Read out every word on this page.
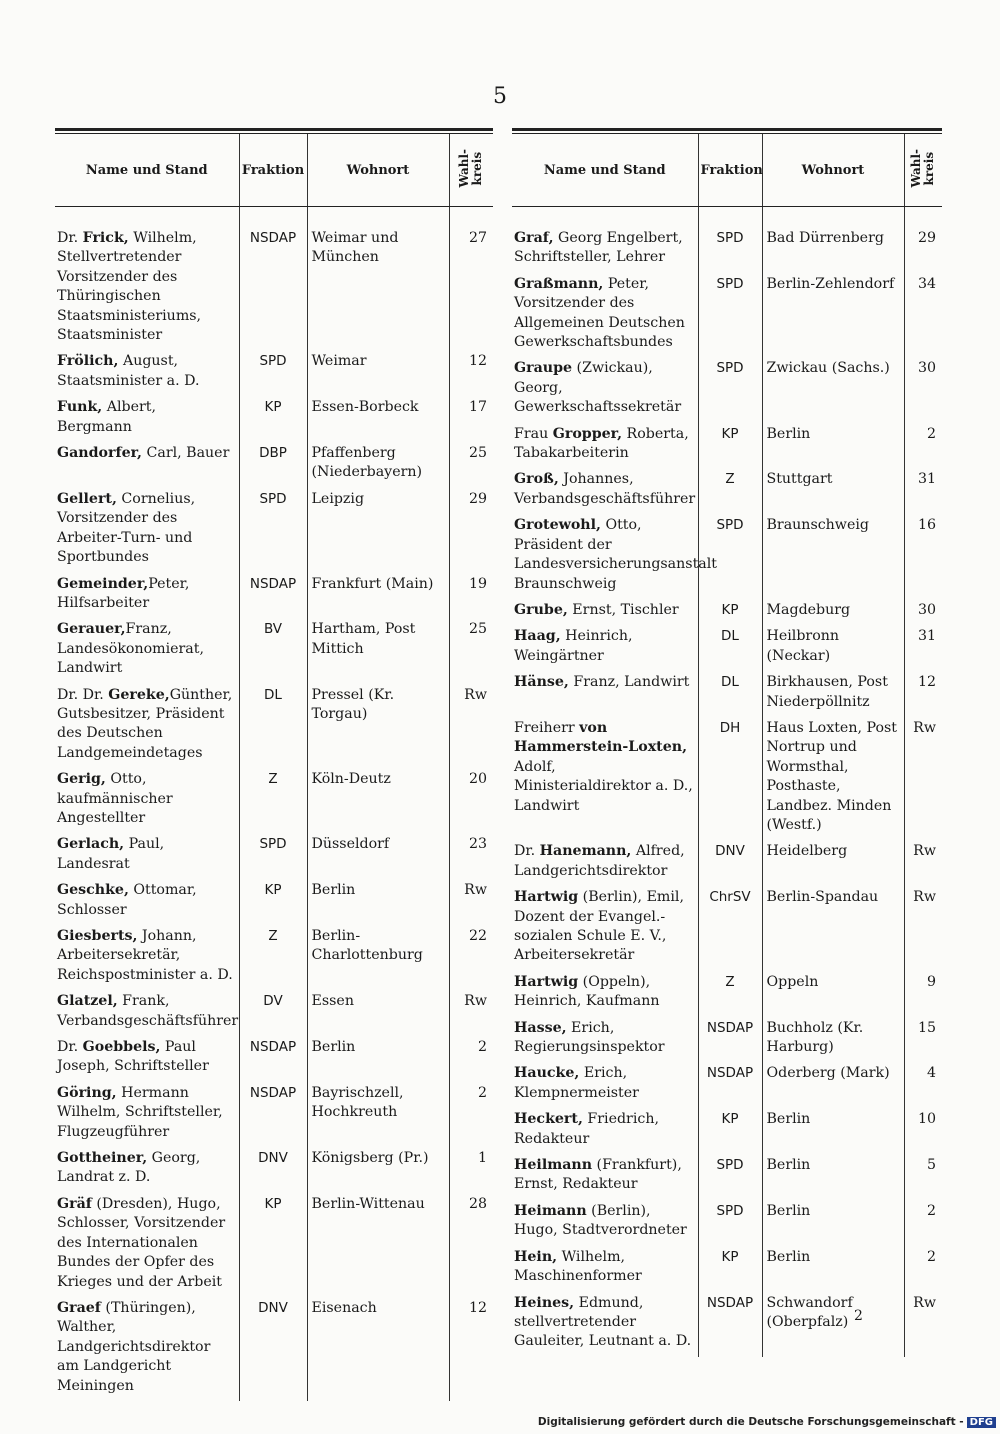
5
Name und Stand	Fraktion	Wohnort	Wahl-
kreis
Dr. Frick, Wilhelm, Stellvertretender Vorsitzender des Thüringischen Staatsministeriums, Staatsminister	NSDAP	Weimar und München	27
Frölich, August, Staatsminister a. D.	SPD	Weimar	12
Funk, Albert, Bergmann	KP	Essen-Borbeck	17
Gandorfer, Carl, Bauer	DBP	Pfaffenberg (Niederbayern)	25
Gellert, Cornelius, Vorsitzender des Arbeiter-Turn- und Sportbundes	SPD	Leipzig	29
Gemeinder,Peter, Hilfsarbeiter	NSDAP	Frankfurt (Main)	19
Gerauer,Franz, Landesökonomierat, Landwirt	BV	Hartham, Post Mittich	25
Dr. Dr. Gereke,Günther, Gutsbesitzer, Präsident des Deutschen Landgemeindetages	DL	Pressel (Kr. Torgau)	Rw
Gerig, Otto, kaufmännischer Angestellter	Z	Köln-Deutz	20
Gerlach, Paul, Landesrat	SPD	Düsseldorf	23
Geschke, Ottomar, Schlosser	KP	Berlin	Rw
Giesberts, Johann, Arbeitersekretär, Reichspostminister a. D.	Z	Berlin-Charlottenburg	22
Glatzel, Frank, Verbandsgeschäftsführer	DV	Essen	Rw
Dr. Goebbels, Paul Joseph, Schriftsteller	NSDAP	Berlin	2
Göring, Hermann Wilhelm, Schriftsteller, Flugzeugführer	NSDAP	Bayrischzell, Hochkreuth	2
Gottheiner, Georg, Landrat z. D.	DNV	Königsberg (Pr.)	1
Gräf (Dresden), Hugo, Schlosser, Vorsitzender des Internationalen Bundes der Opfer des Krieges und der Arbeit	KP	Berlin-Wittenau	28
Graef (Thüringen), Walther, Landgerichtsdirektor am Landgericht Meiningen	DNV	Eisenach	12
Name und Stand	Fraktion	Wohnort	Wahl-
kreis
Graf, Georg Engelbert, Schriftsteller, Lehrer	SPD	Bad Dürrenberg	29
Graßmann, Peter, Vorsitzender des Allgemeinen Deutschen Gewerkschaftsbundes	SPD	Berlin-Zehlendorf	34
Graupe (Zwickau), Georg, Gewerkschaftssekretär	SPD	Zwickau (Sachs.)	30
Frau Gropper, Roberta, Tabakarbeiterin	KP	Berlin	2
Groß, Johannes, Verbandsgeschäftsführer	Z	Stuttgart	31
Grotewohl, Otto, Präsident der Landesversicherungsanstalt Braunschweig	SPD	Braunschweig	16
Grube, Ernst, Tischler	KP	Magdeburg	30
Haag, Heinrich, Weingärtner	DL	Heilbronn (Neckar)	31
Hänse, Franz, Landwirt	DL	Birkhausen, Post Niederpöllnitz	12
Freiherr von Hammerstein-Loxten, Adolf, Ministerialdirektor a. D., Landwirt	DH	Haus Loxten, Post Nortrup und Wormsthal, Posthaste, Landbez. Minden (Westf.)	Rw
Dr. Hanemann, Alfred, Landgerichtsdirektor	DNV	Heidelberg	Rw
Hartwig (Berlin), Emil, Dozent der Evangel.-sozialen Schule E. V., Arbeitersekretär	ChrSV	Berlin-Spandau	Rw
Hartwig (Oppeln), Heinrich, Kaufmann	Z	Oppeln	9
Hasse, Erich, Regierungsinspektor	NSDAP	Buchholz (Kr. Harburg)	15
Haucke, Erich, Klempnermeister	NSDAP	Oderberg (Mark)	4
Heckert, Friedrich, Redakteur	KP	Berlin	10
Heilmann (Frankfurt), Ernst, Redakteur	SPD	Berlin	5
Heimann (Berlin), Hugo, Stadtverordneter	SPD	Berlin	2
Hein, Wilhelm, Maschinenformer	KP	Berlin	2
Heines, Edmund, stellvertretender Gauleiter, Leutnant a. D.	NSDAP	Schwandorf (Oberpfalz)	Rw
2
Digitalisierung gefördert durch die Deutsche Forschungsgemeinschaft - DFG
